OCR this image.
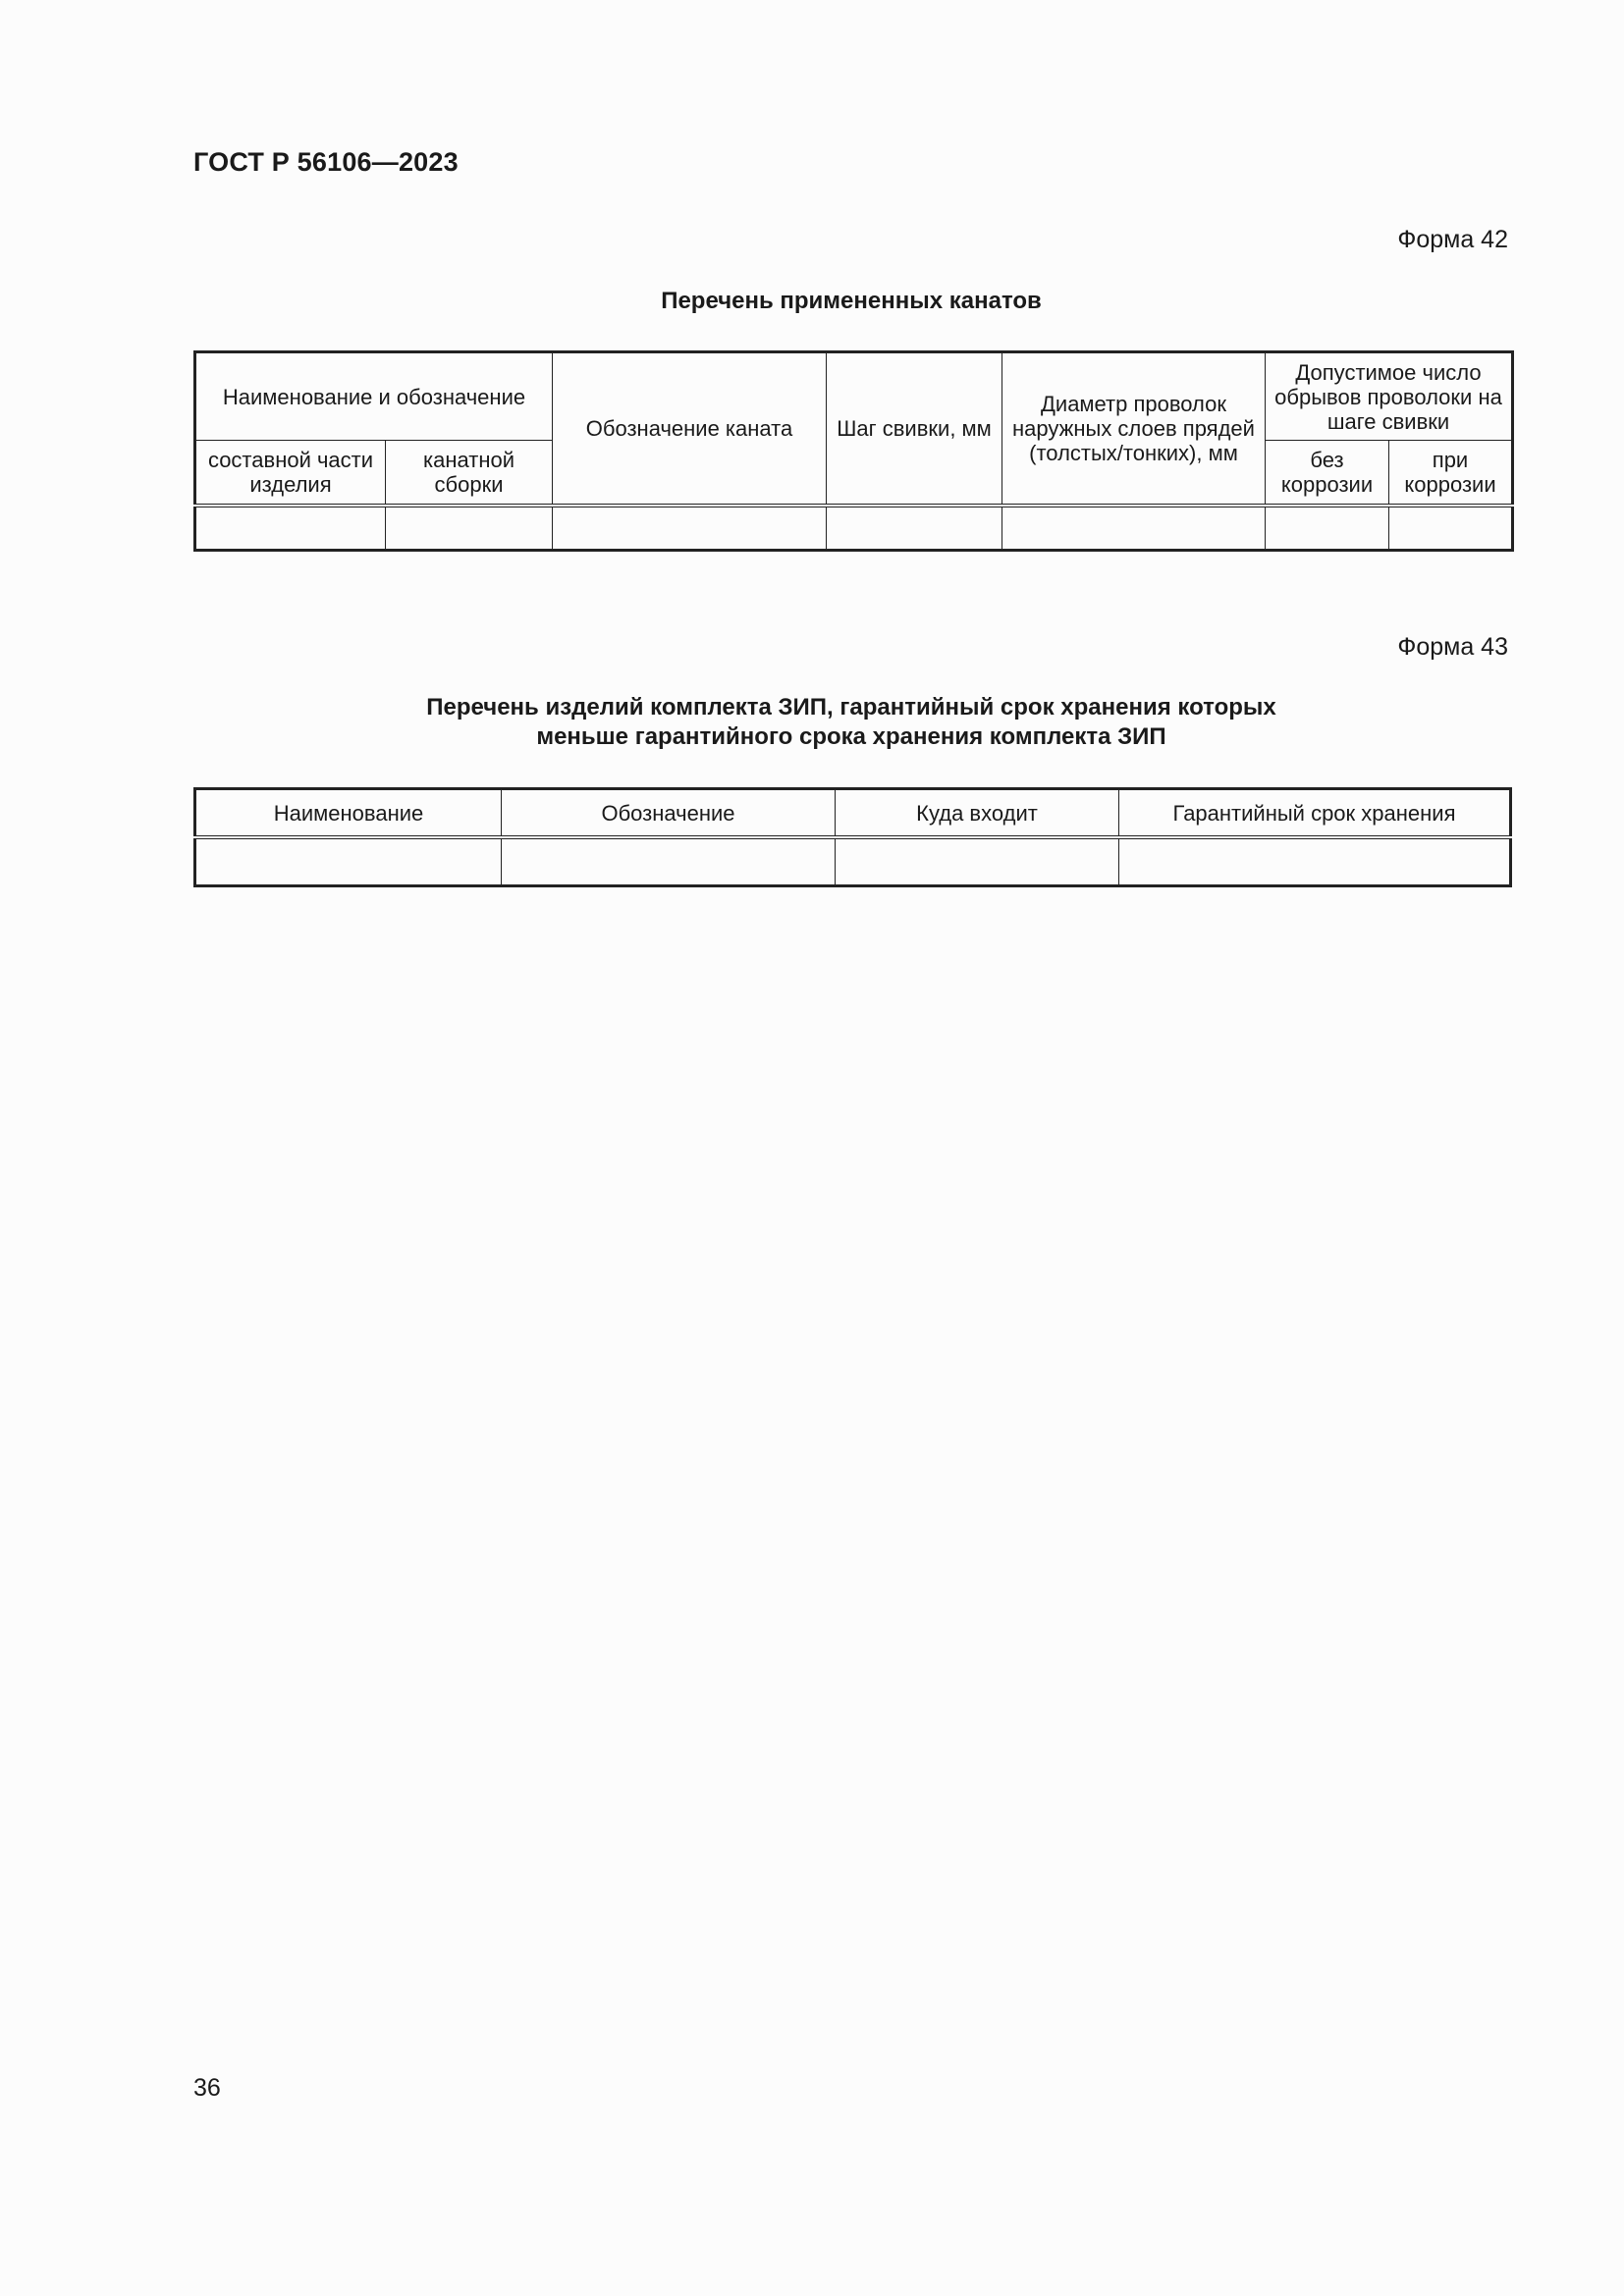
ГОСТ Р 56106—2023
Форма 42
Перечень примененных канатов
Наименование и обозначение		Обозначение каната	Шаг свивки, мм	Диаметр проволок наружных слоев прядей (толстых/тонких), мм	Допустимое число обрывов проволоки на шаге свивки	
составной части изделия	канатной сборки				без коррозии	при коррозии

Форма 43
Перечень изделий комплекта ЗИП, гарантийный срок хранения которых
меньше гарантийного срока хранения комплекта ЗИП
Наименование	Обозначение	Куда входит	Гарантийный срок хранения

36
